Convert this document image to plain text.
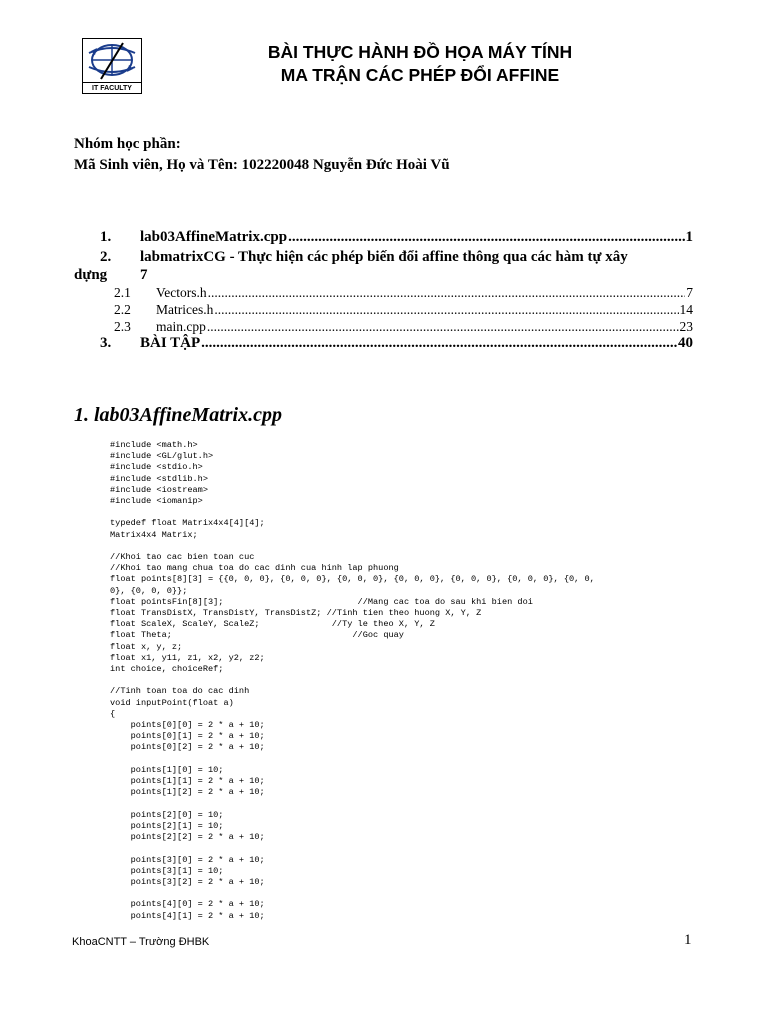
IT FACULTY
BÀI THỰC HÀNH ĐỒ HỌA MÁY TÍNH
MA TRẬN CÁC PHÉP ĐỔI AFFINE
Nhóm học phần:
Mã Sinh viên, Họ và Tên: 102220048 Nguyễn Đức Hoài Vũ
1.	lab03AffineMatrix.cpp .....	1
2.	labmatrixCG - Thực hiện các phép biến đổi affine thông qua các hàm tự xây
dựng	7
2.1	Vectors.h .....	7
2.2	Matrices.h .....	14
2.3	main.cpp .....	23
3.	BÀI TẬP .....	40
1. lab03AffineMatrix.cpp
#include <math.h>
#include <GL/glut.h>
#include <stdio.h>
#include <stdlib.h>
#include <iostream>
#include <iomanip>

typedef float Matrix4x4[4][4];
Matrix4x4 Matrix;

//Khoi tao cac bien toan cuc
//Khoi tao mang chua toa do cac dinh cua hinh lap phuong
float points[8][3] = {{0, 0, 0}, {0, 0, 0}, {0, 0, 0}, {0, 0, 0}, {0, 0, 0}, {0, 0, 0}, {0, 0,
0}, {0, 0, 0}};
float pointsFin[8][3];                          //Mang cac toa do sau khi bien doi
float TransDistX, TransDistY, TransDistZ; //Tinh tien theo huong X, Y, Z
float ScaleX, ScaleY, ScaleZ;              //Ty le theo X, Y, Z
float Theta;                                   //Goc quay
float x, y, z;
float x1, y11, z1, x2, y2, z2;
int choice, choiceRef;

//Tinh toan toa do cac dinh
void inputPoint(float a)
{
points[0][0] = 2 * a + 10;
points[0][1] = 2 * a + 10;
points[0][2] = 2 * a + 10;

points[1][0] = 10;
points[1][1] = 2 * a + 10;
points[1][2] = 2 * a + 10;

points[2][0] = 10;
points[2][1] = 10;
points[2][2] = 2 * a + 10;

points[3][0] = 2 * a + 10;
points[3][1] = 10;
points[3][2] = 2 * a + 10;

points[4][0] = 2 * a + 10;
points[4][1] = 2 * a + 10;
KhoaCNTT – Trường ĐHBK	1
